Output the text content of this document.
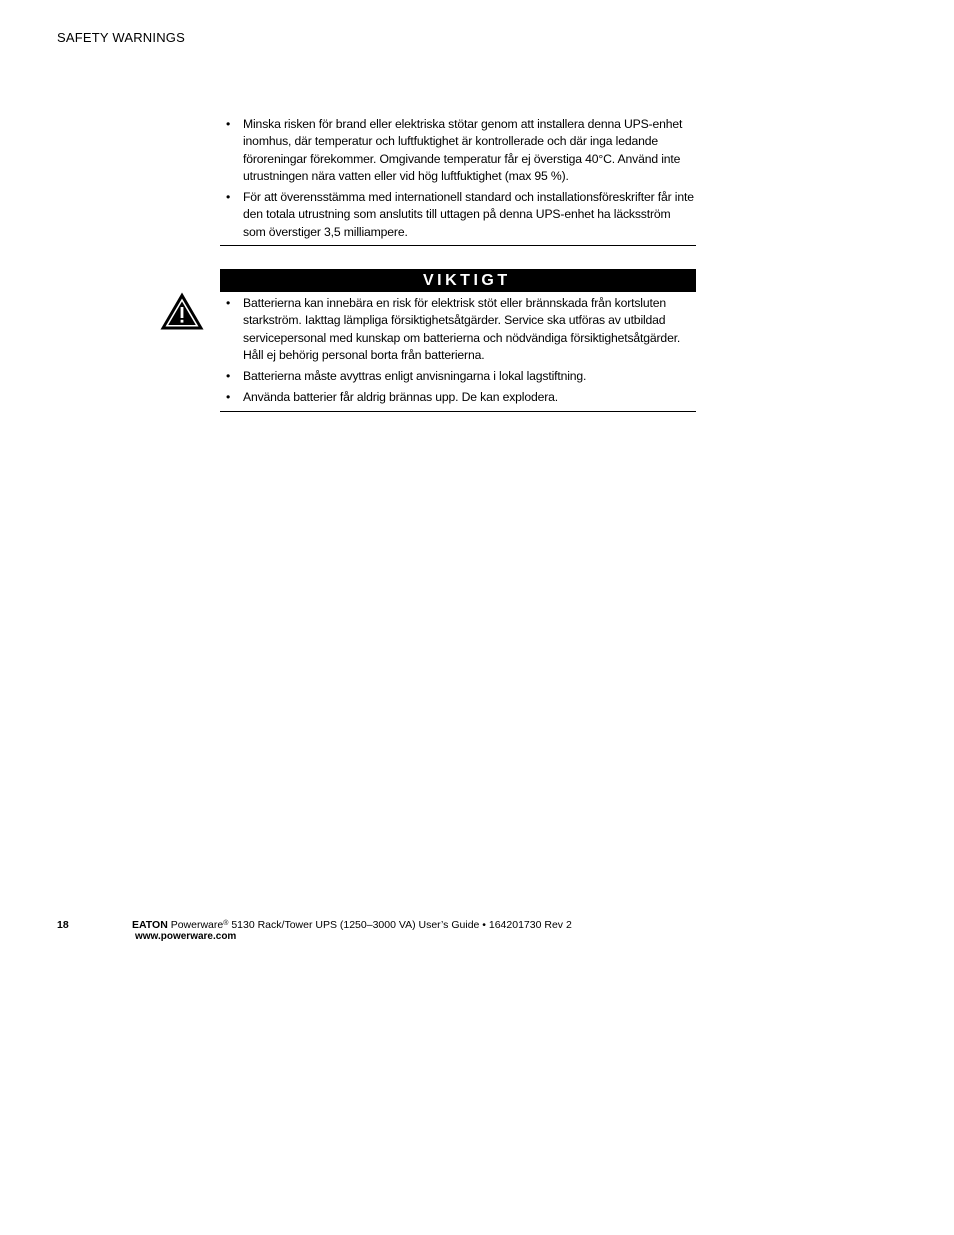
SAFETY WARNINGS
• Minska risken för brand eller elektriska stötar genom att installera denna UPS-enhet inomhus, där temperatur och luftfuktighet är kontrollerade och där inga ledande föroreningar förekommer. Omgivande temperatur får ej överstiga 40°C. Använd inte utrustningen nära vatten eller vid hög luftfuktighet (max 95 %).
• För att överensstämma med internationell standard och installationsföreskrifter får inte den totala utrustning som anslutits till uttagen på denna UPS-enhet ha läcksström som överstiger 3,5 milliampere.
VIKTIGT
• Batterierna kan innebära en risk för elektrisk stöt eller brännskada från kortsluten starkström. Iakttag lämpliga försiktighetsåtgärder. Service ska utföras av utbildad servicepersonal med kunskap om batterierna och nödvändiga försiktighetsåtgärder. Håll ej behörig personal borta från batterierna.
• Batterierna måste avyttras enligt anvisningarna i lokal lagstiftning.
• Använda batterier får aldrig brännas upp. De kan explodera.
18	EATON Powerware® 5130 Rack/Tower UPS (1250–3000 VA) User’s Guide • 164201730 Rev 2
www.powerware.com
